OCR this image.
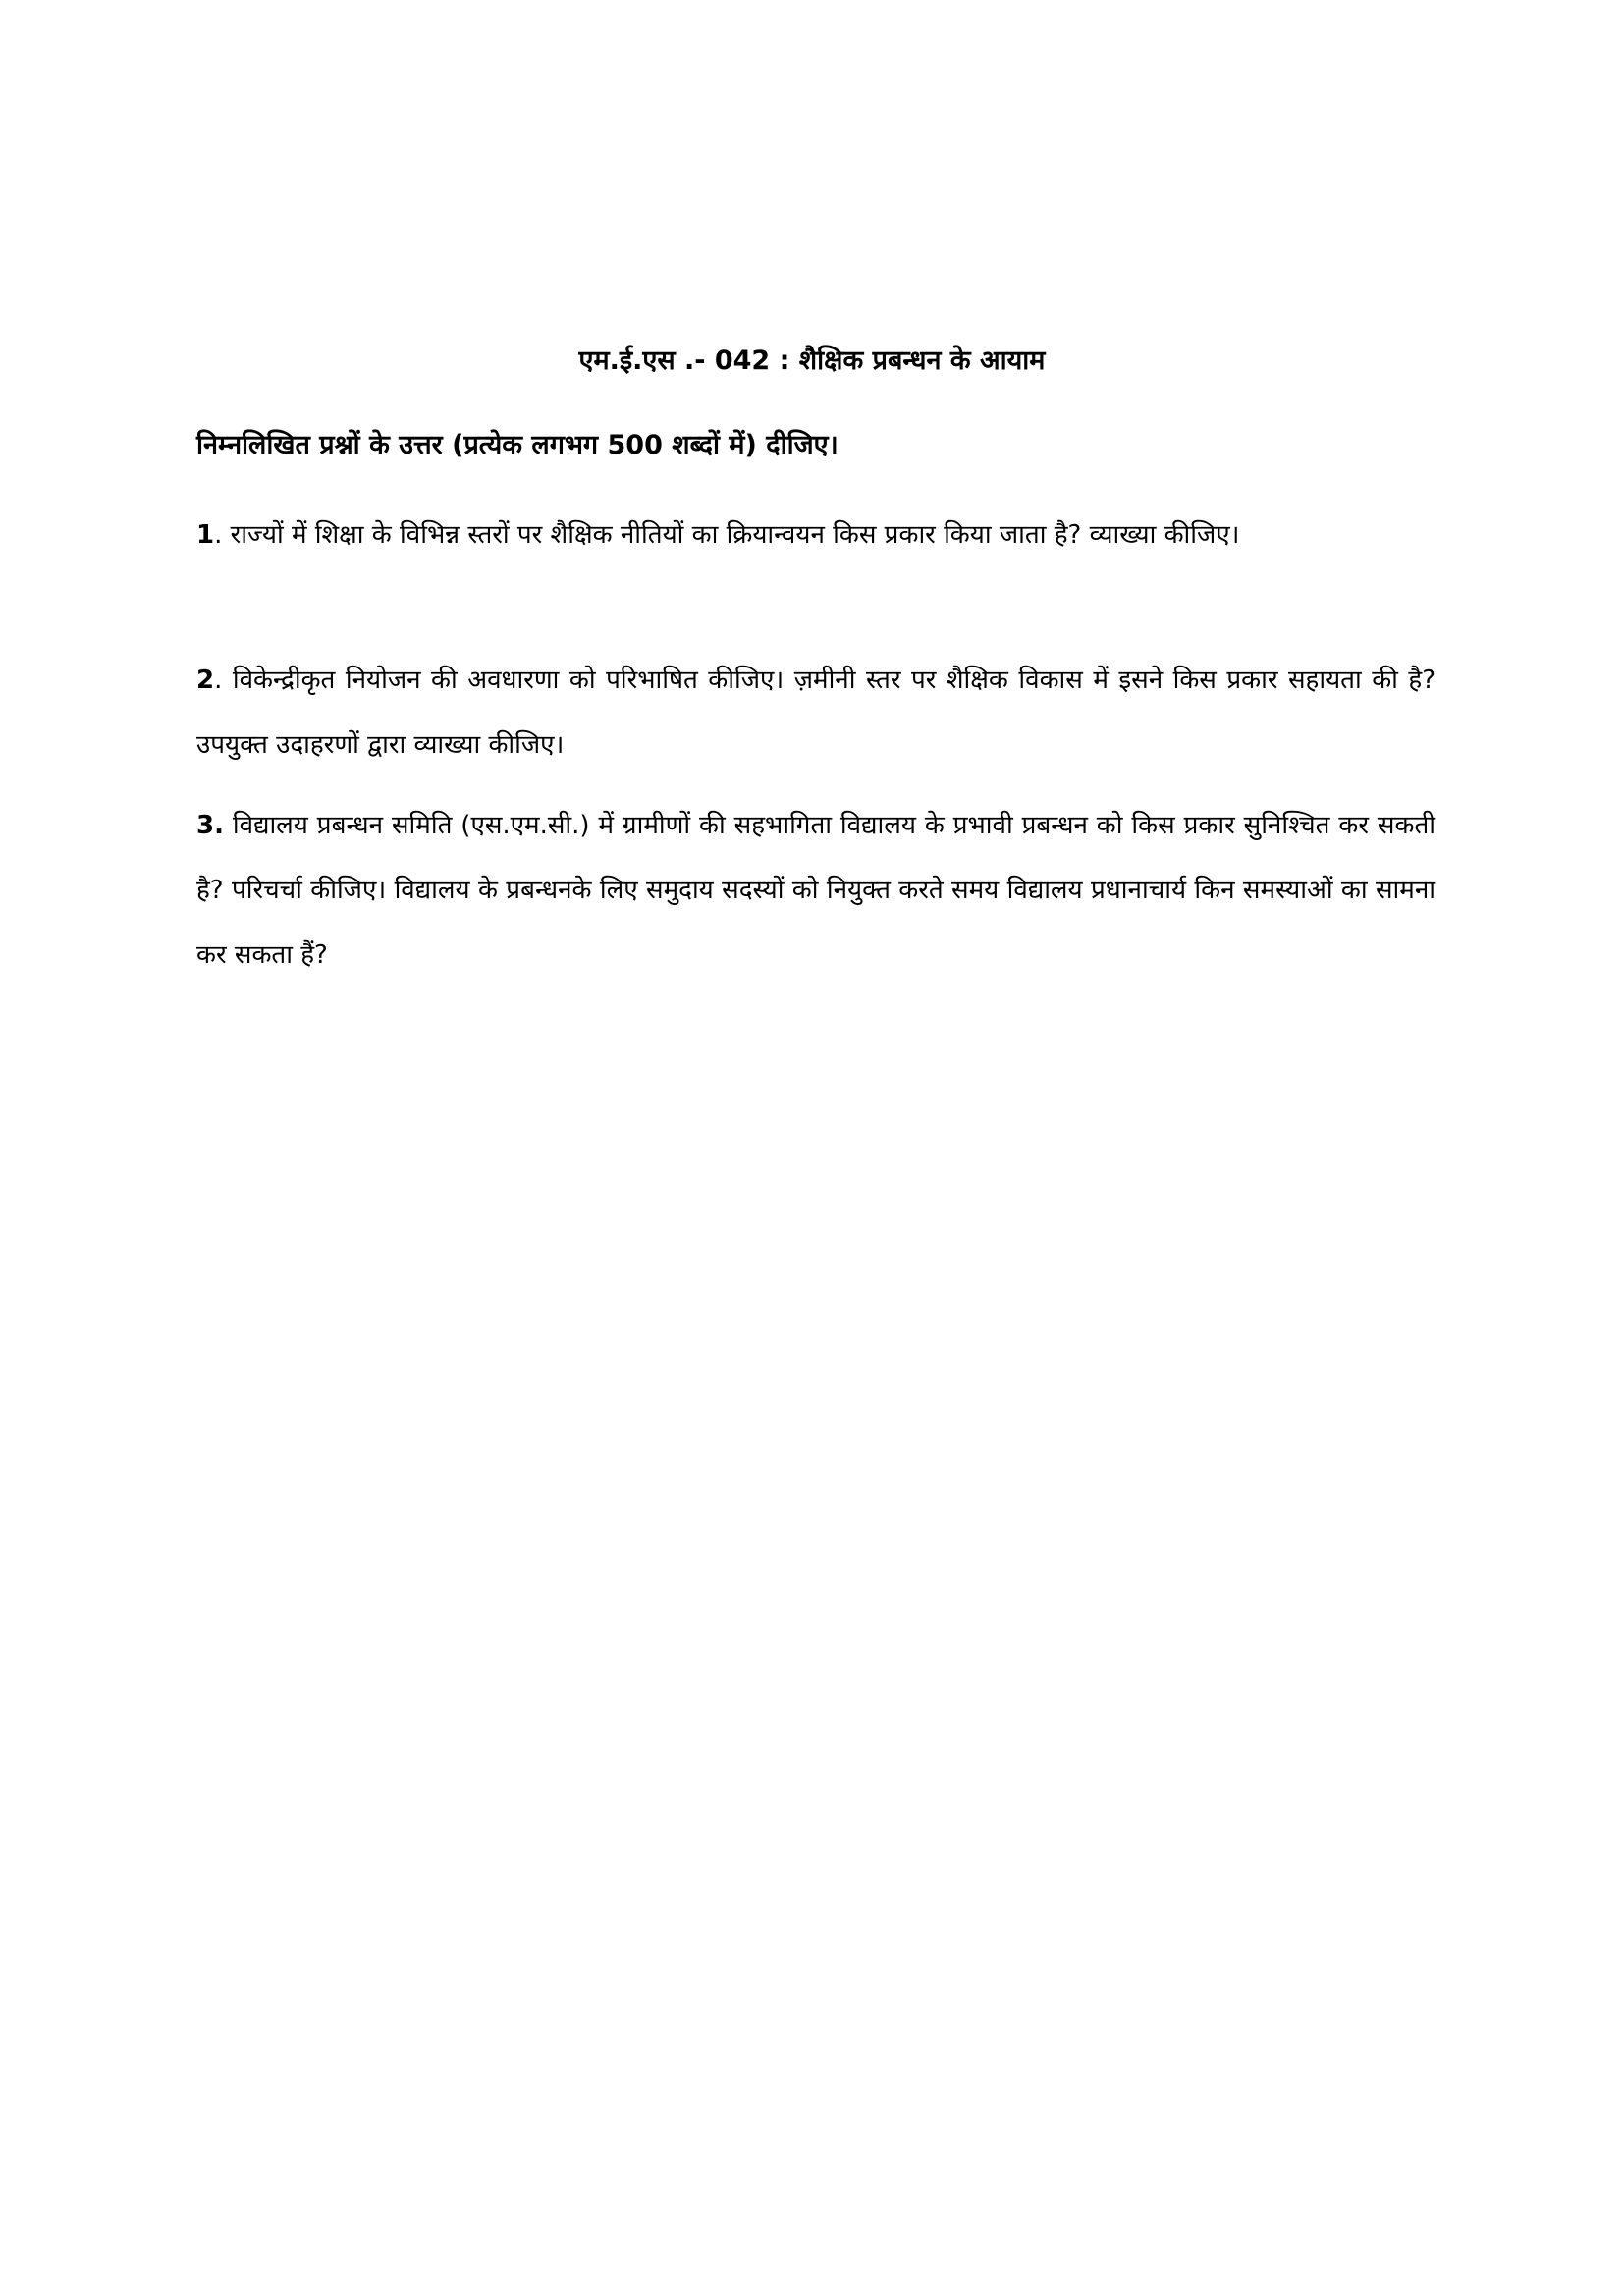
एम.ई.एस .- 042 : शैक्षिक प्रबन्धन के आयाम

निम्नलिखित प्रश्नों के उत्तर (प्रत्येक लगभग 500 शब्दों में) दीजिए।

1. राज्यों में शिक्षा के विभिन्न स्तरों पर शैक्षिक नीतियों का क्रियान्वयन किस प्रकार किया जाता है? व्याख्या कीजिए।

2. विकेन्द्रीकृत नियोजन की अवधारणा को परिभाषित कीजिए। ज़मीनी स्तर पर शैक्षिक विकास में इसने किस प्रकार सहायता की है? उपयुक्त उदाहरणों द्वारा व्याख्या कीजिए।

3. विद्यालय प्रबन्धन समिति (एस.एम.सी.) में ग्रामीणों की सहभागिता विद्यालय के प्रभावी प्रबन्धन को किस प्रकार सुनिश्चित कर सकती है? परिचर्चा कीजिए। विद्यालय के प्रबन्धनके लिए समुदाय सदस्यों को नियुक्त करते समय विद्यालय प्रधानाचार्य किन समस्याओं का सामना कर सकता हैं?
